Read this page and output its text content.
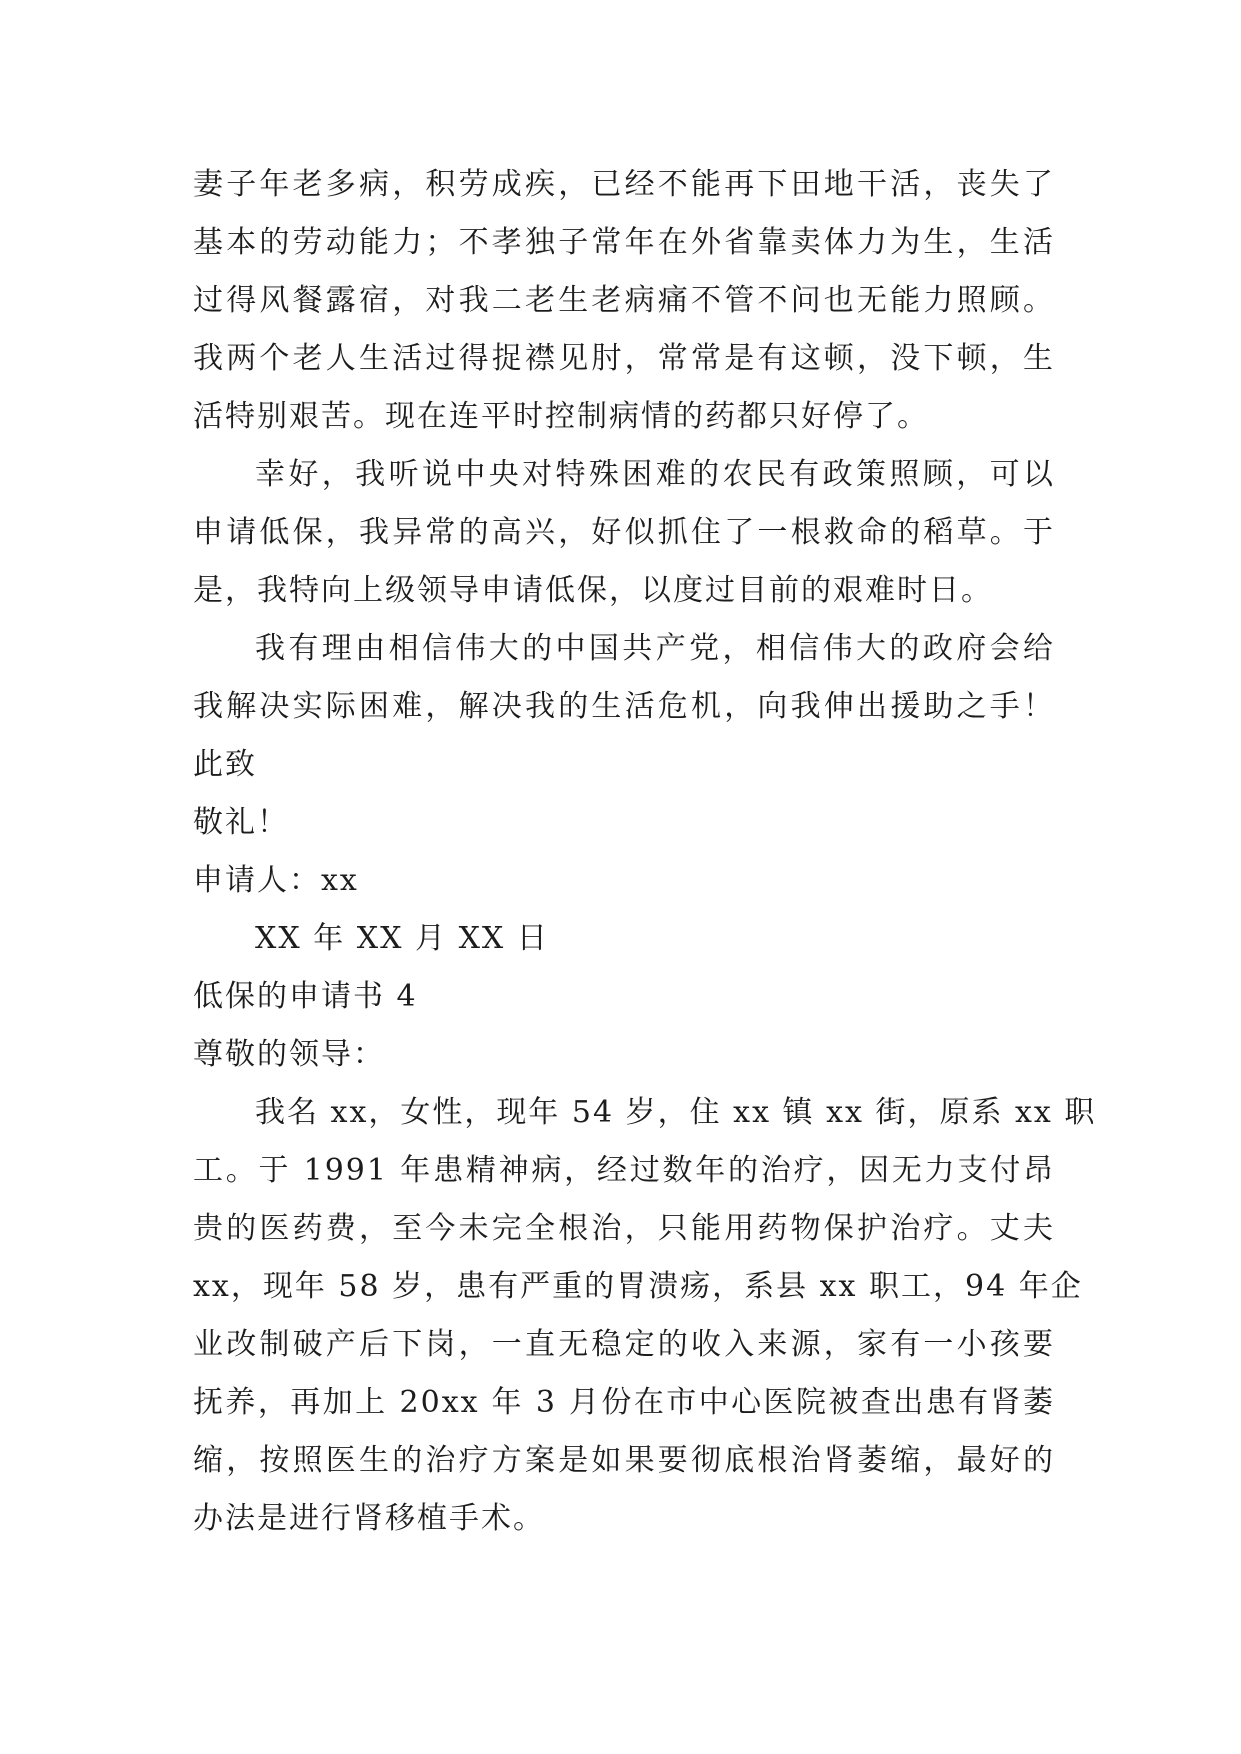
妻子年老多病，积劳成疾，已经不能再下田地干活，丧失了
基本的劳动能力；不孝独子常年在外省靠卖体力为生，生活
过得风餐露宿，对我二老生老病痛不管不问也无能力照顾。
我两个老人生活过得捉襟见肘，常常是有这顿，没下顿，生
活特别艰苦。现在连平时控制病情的药都只好停了。
幸好，我听说中央对特殊困难的农民有政策照顾，可以
申请低保，我异常的高兴，好似抓住了一根救命的稻草。于
是，我特向上级领导申请低保，以度过目前的艰难时日。
我有理由相信伟大的中国共产党，相信伟大的政府会给
我解决实际困难，解决我的生活危机，向我伸出援助之手！
此致
敬礼！
申请人：xx
XX 年 XX 月 XX 日
低保的申请书 4
尊敬的领导：
我名 xx，女性，现年 54 岁，住 xx 镇 xx 街，原系 xx 职
工。于 1991 年患精神病，经过数年的治疗，因无力支付昂
贵的医药费，至今未完全根治，只能用药物保护治疗。丈夫
xx，现年 58 岁，患有严重的胃溃疡，系县 xx 职工，94 年企
业改制破产后下岗，一直无稳定的收入来源，家有一小孩要
抚养，再加上 20xx 年 3 月份在市中心医院被查出患有肾萎
缩，按照医生的治疗方案是如果要彻底根治肾萎缩，最好的
办法是进行肾移植手术。
